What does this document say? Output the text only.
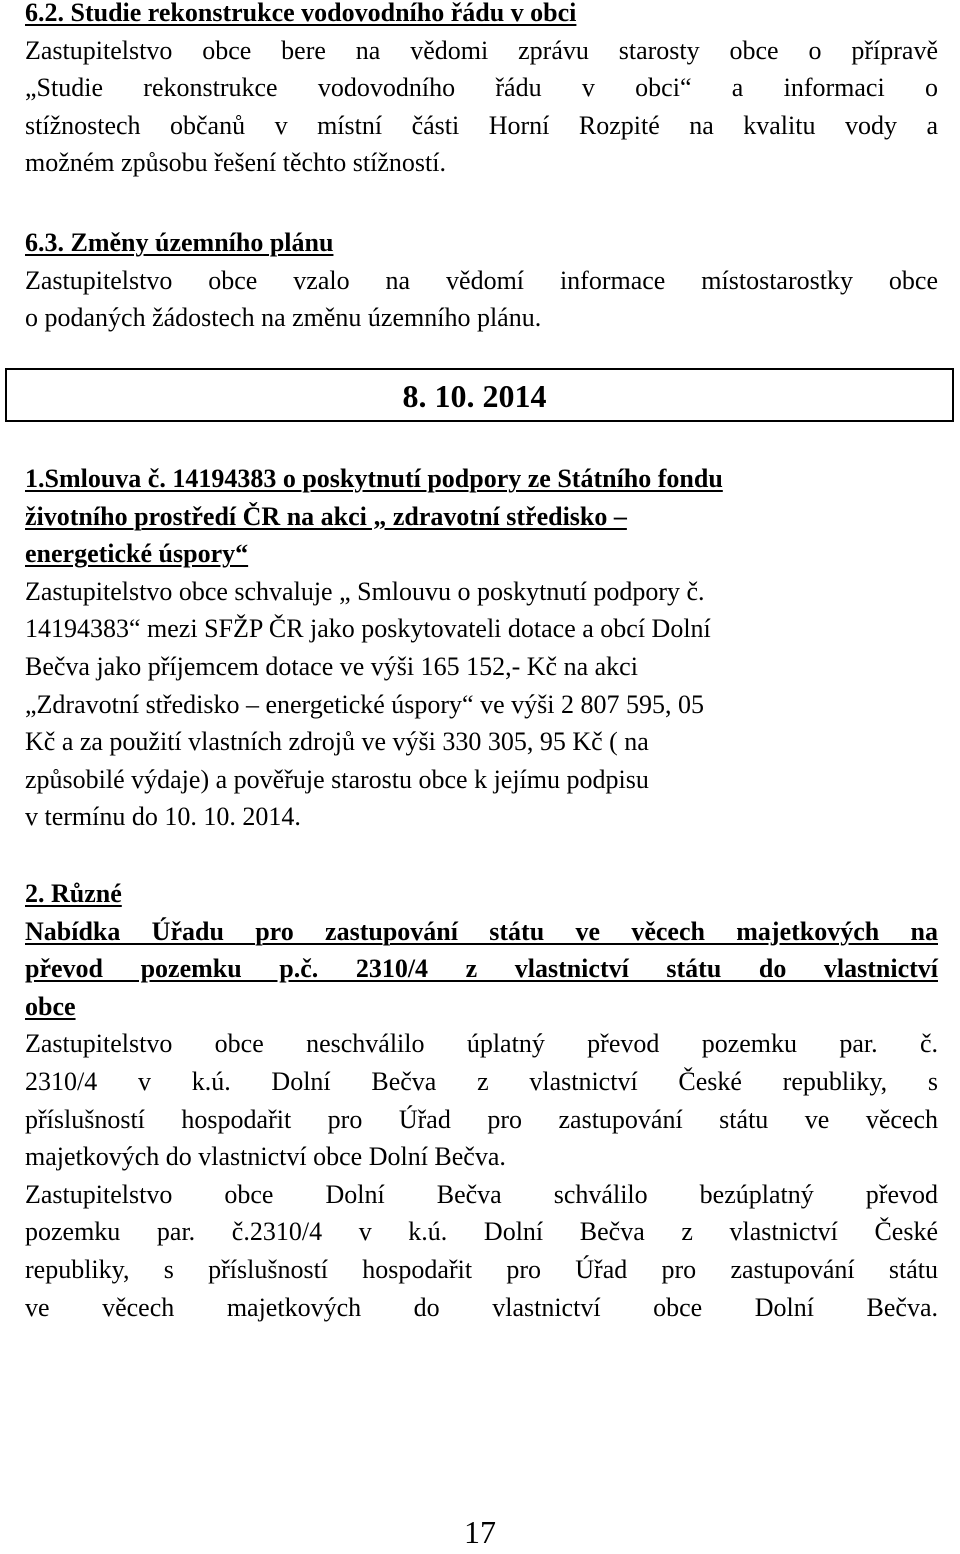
6.2. Studie rekonstrukce vodovodního řádu v obci

Zastupitelstvo obce bere na vědomi zprávu starosty obce o přípravě

„Studie rekonstrukce vodovodního řádu v obci“ a informaci o

stížnostech občanů v místní části Horní Rozpité na kvalitu vody a

možném způsobu řešení těchto stížností.

6.3. Změny územního plánu

Zastupitelstvo obce vzalo na vědomí informace místostarostky obce

o podaných žádostech na změnu územního plánu.

1.Smlouva č. 14194383 o poskytnutí podpory ze Státního fondu

životního prostředí ČR na akci „ zdravotní středisko –

energetické úspory“

Zastupitelstvo obce schvaluje „ Smlouvu o poskytnutí podpory č.

14194383“ mezi SFŽP ČR jako poskytovateli dotace a obcí Dolní

Bečva jako příjemcem dotace ve výši 165 152,- Kč na akci

„Zdravotní středisko – energetické úspory“ ve výši 2 807 595, 05

Kč a za použití vlastních zdrojů ve výši 330 305, 95 Kč ( na

způsobilé výdaje) a pověřuje starostu obce k jejímu podpisu

v termínu do 10. 10. 2014.

2. Různé

Nabídka Úřadu pro zastupování státu ve věcech majetkových na

převod pozemku p.č. 2310/4 z vlastnictví státu do vlastnictví

obce

Zastupitelstvo obce neschválilo úplatný převod pozemku par. č.

2310/4 v k.ú. Dolní Bečva z vlastnictví České republiky, s

příslušností hospodařit pro Úřad pro zastupování státu ve věcech

majetkových do vlastnictví obce Dolní Bečva.

Zastupitelstvo obce Dolní Bečva schválilo bezúplatný převod

pozemku par. č.2310/4 v k.ú. Dolní Bečva z vlastnictví České

republiky, s příslušností hospodařit pro Úřad pro zastupování státu

ve věcech majetkových do vlastnictví obce Dolní Bečva.

8. 10. 2014
17
